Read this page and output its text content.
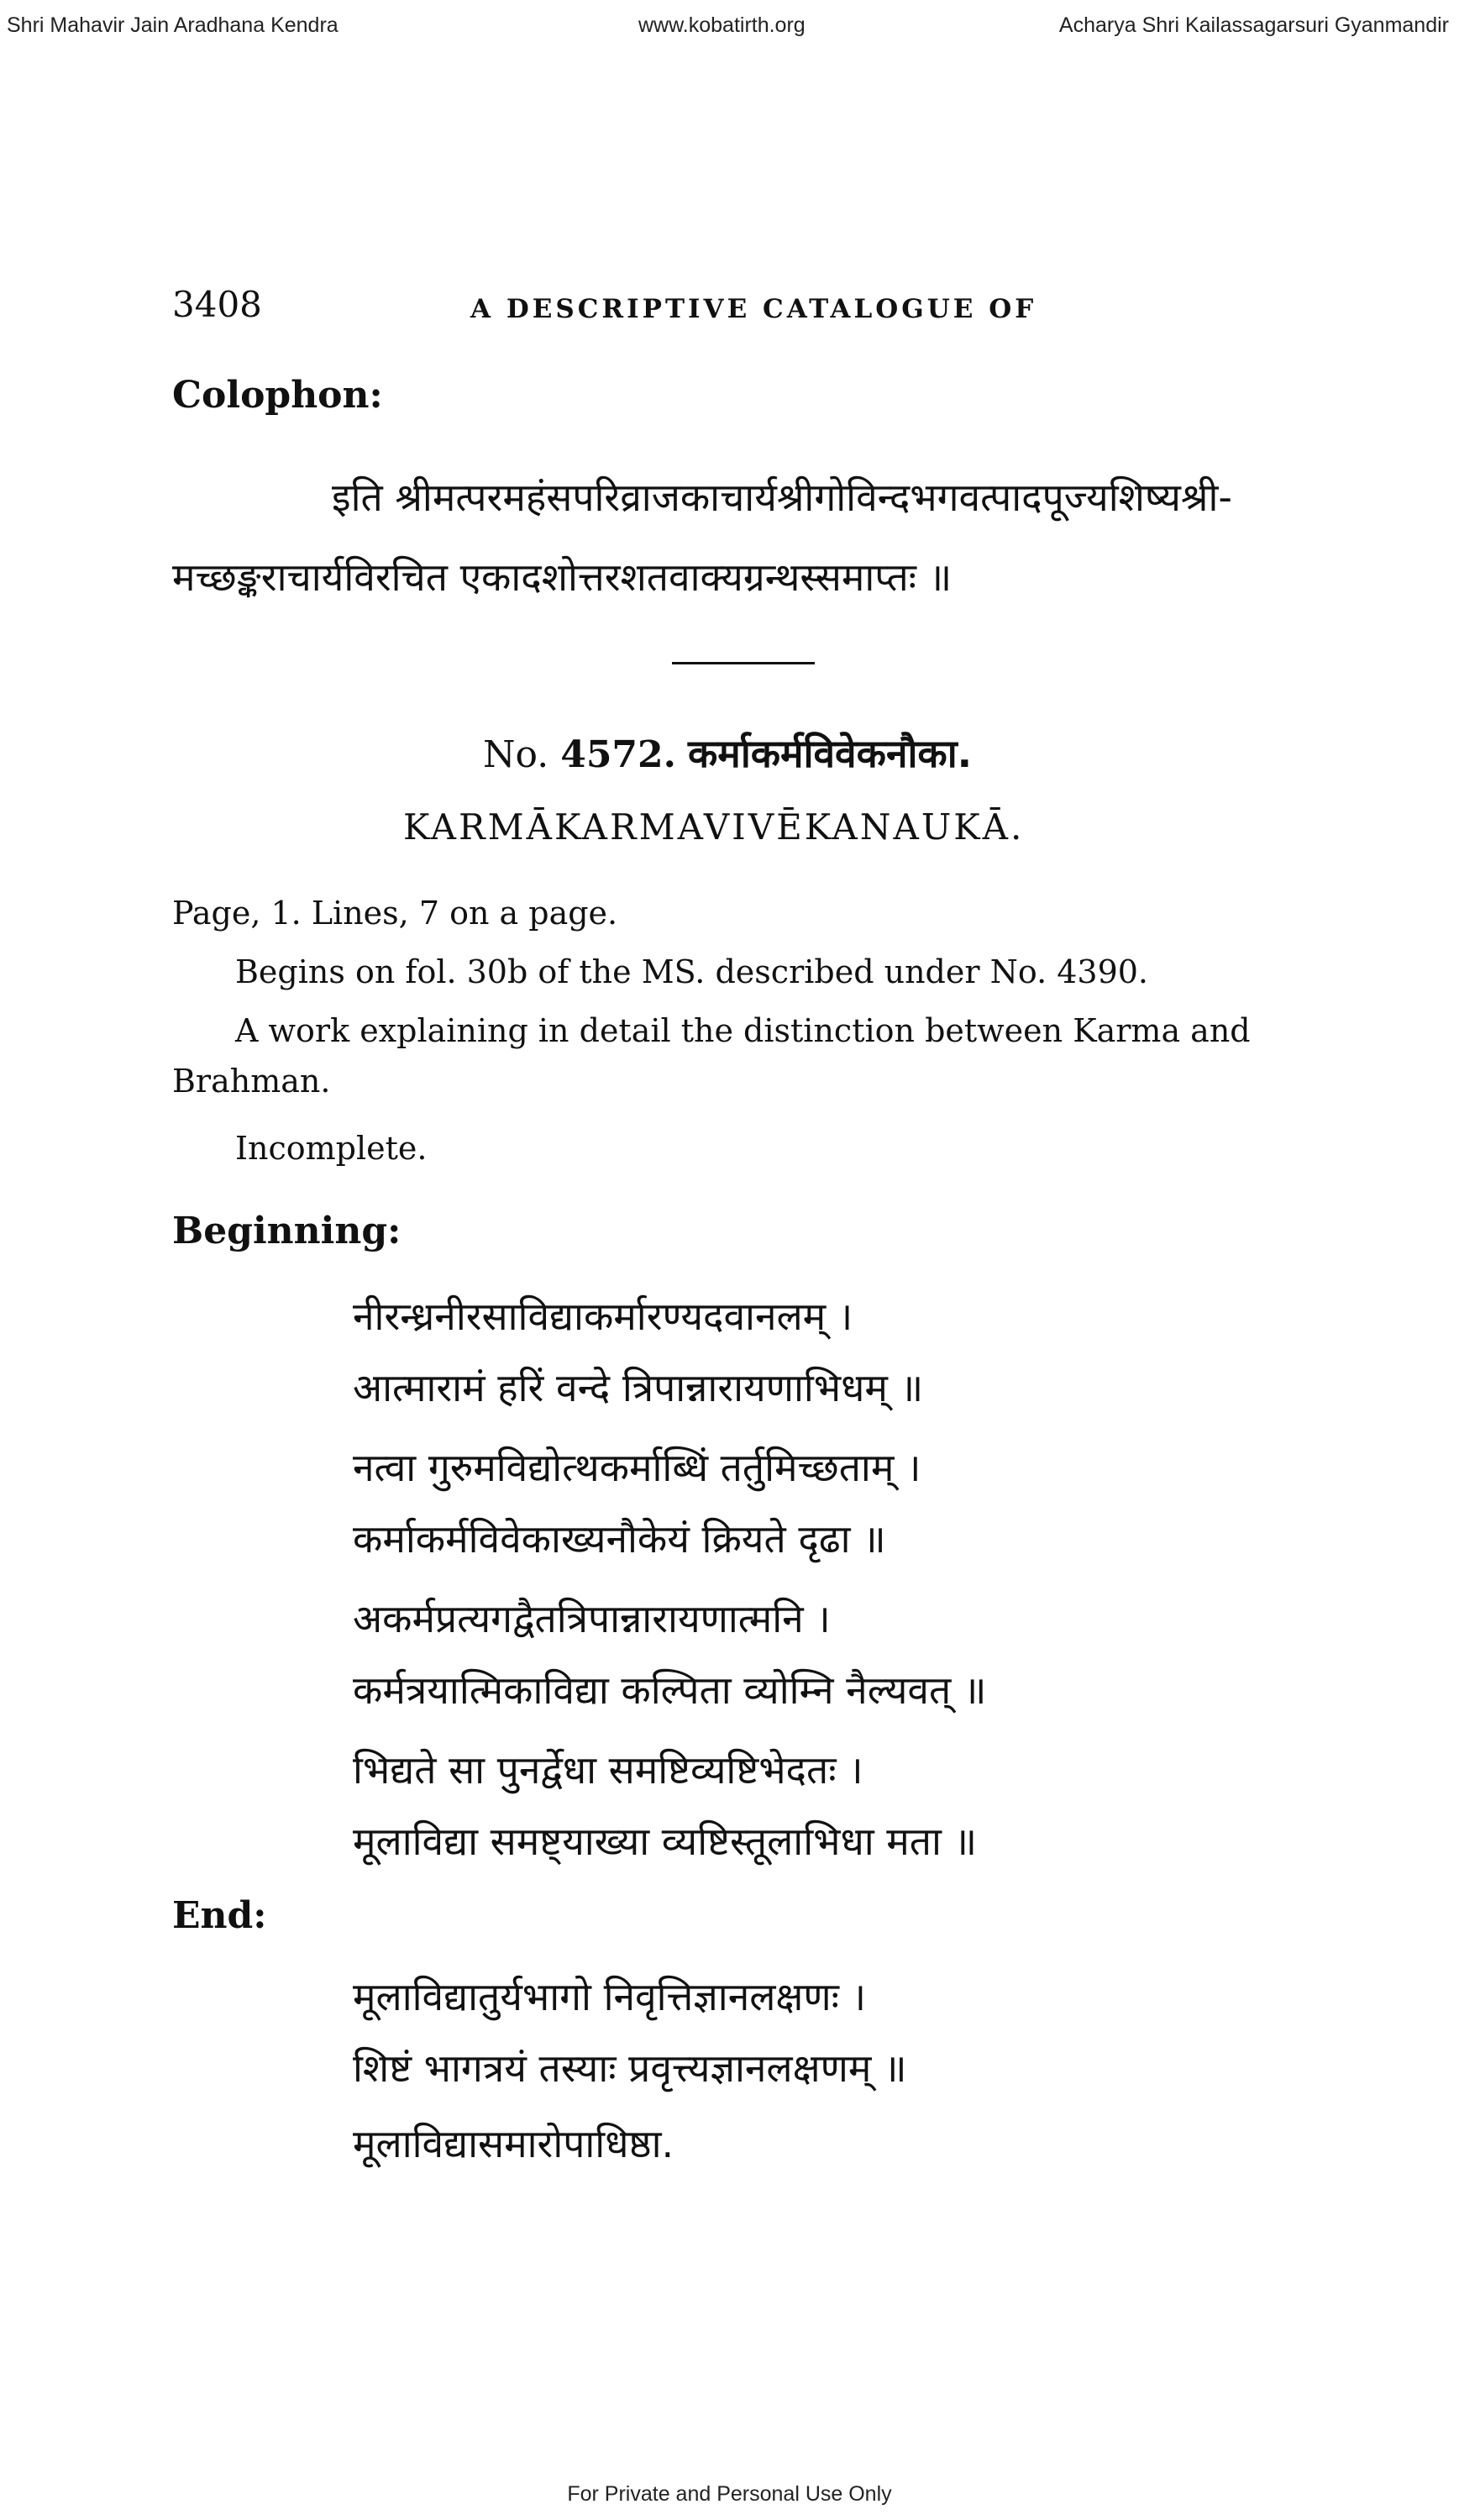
Shri Mahavir Jain Aradhana Kendra	www.kobatirth.org	Acharya Shri Kailassagarsuri Gyanmandir
3408	A DESCRIPTIVE CATALOGUE OF
Colophon:
इति श्रीमत्परमहंसपरिव्राजकाचार्यश्रीगोविन्दभगवत्पादपूज्यशिष्यश्री-
मच्छङ्कराचार्यविरचित एकादशोत्तरशतवाक्यग्रन्थस्समाप्तः ॥
No. 4572. कर्माकर्मविवेकनौका.
KARMĀKARMAVIVĒKANAUKĀ.
Page, 1. Lines, 7 on a page.
Begins on fol. 30b of the MS. described under No. 4390.
A work explaining in detail the distinction between Karma and
Brahman.
Incomplete.
Beginning:
नीरन्ध्रनीरसाविद्याकर्मारण्यदवानलम् ।
आत्मारामं हरिं वन्दे त्रिपान्नारायणाभिधम् ॥
नत्वा गुरुमविद्योत्थकर्माब्धिं तर्तुमिच्छताम् ।
कर्माकर्मविवेकाख्यनौकेयं क्रियते दृढा ॥
अकर्मप्रत्यगद्वैतत्रिपान्नारायणात्मनि ।
कर्मत्रयात्मिकाविद्या कल्पिता व्योम्नि नैल्यवत् ॥
भिद्यते सा पुनर्द्वेधा समष्टिव्यष्टिभेदतः ।
मूलाविद्या समष्ट्याख्या व्यष्टिस्तूलाभिधा मता ॥
End:
मूलाविद्यातुर्यभागो निवृत्तिज्ञानलक्षणः ।
शिष्टं भागत्रयं तस्याः प्रवृत्त्यज्ञानलक्षणम् ॥
मूलाविद्यासमारोपाधिष्ठा.
For Private and Personal Use Only
